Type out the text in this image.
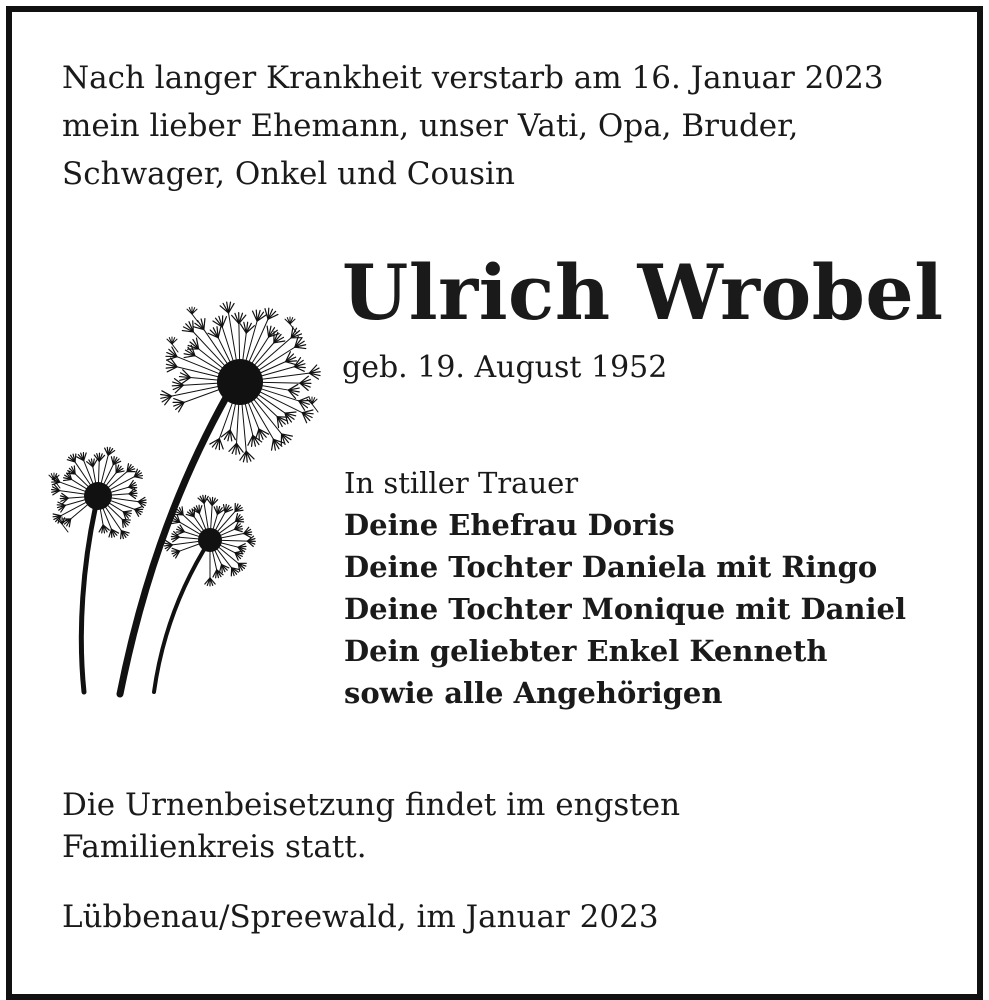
Nach langer Krankheit verstarb am 16. Januar 2023
mein lieber Ehemann, unser Vati, Opa, Bruder,
Schwager, Onkel und Cousin
Ulrich Wrobel
geb. 19. August 1952
In stiller Trauer
Deine Ehefrau Doris
Deine Tochter Daniela mit Ringo
Deine Tochter Monique mit Daniel
Dein geliebter Enkel Kenneth
sowie alle Angehörigen
Die Urnenbeisetzung findet im engsten
Familienkreis statt.
Lübbenau/Spreewald, im Januar 2023
